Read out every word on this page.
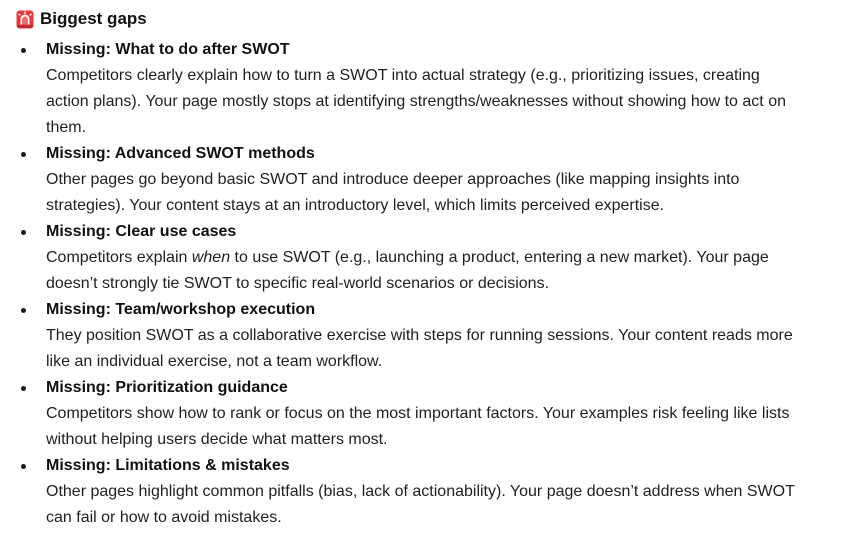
Biggest gaps
Missing: What to do after SWOT
Competitors clearly explain how to turn a SWOT into actual strategy (e.g., prioritizing issues, creating action plans). Your page mostly stops at identifying strengths/weaknesses without showing how to act on them.
Missing: Advanced SWOT methods
Other pages go beyond basic SWOT and introduce deeper approaches (like mapping insights into strategies). Your content stays at an introductory level, which limits perceived expertise.
Missing: Clear use cases
Competitors explain when to use SWOT (e.g., launching a product, entering a new market). Your page doesn’t strongly tie SWOT to specific real-world scenarios or decisions.
Missing: Team/workshop execution
They position SWOT as a collaborative exercise with steps for running sessions. Your content reads more like an individual exercise, not a team workflow.
Missing: Prioritization guidance
Competitors show how to rank or focus on the most important factors. Your examples risk feeling like lists without helping users decide what matters most.
Missing: Limitations & mistakes
Other pages highlight common pitfalls (bias, lack of actionability). Your page doesn’t address when SWOT can fail or how to avoid mistakes.
